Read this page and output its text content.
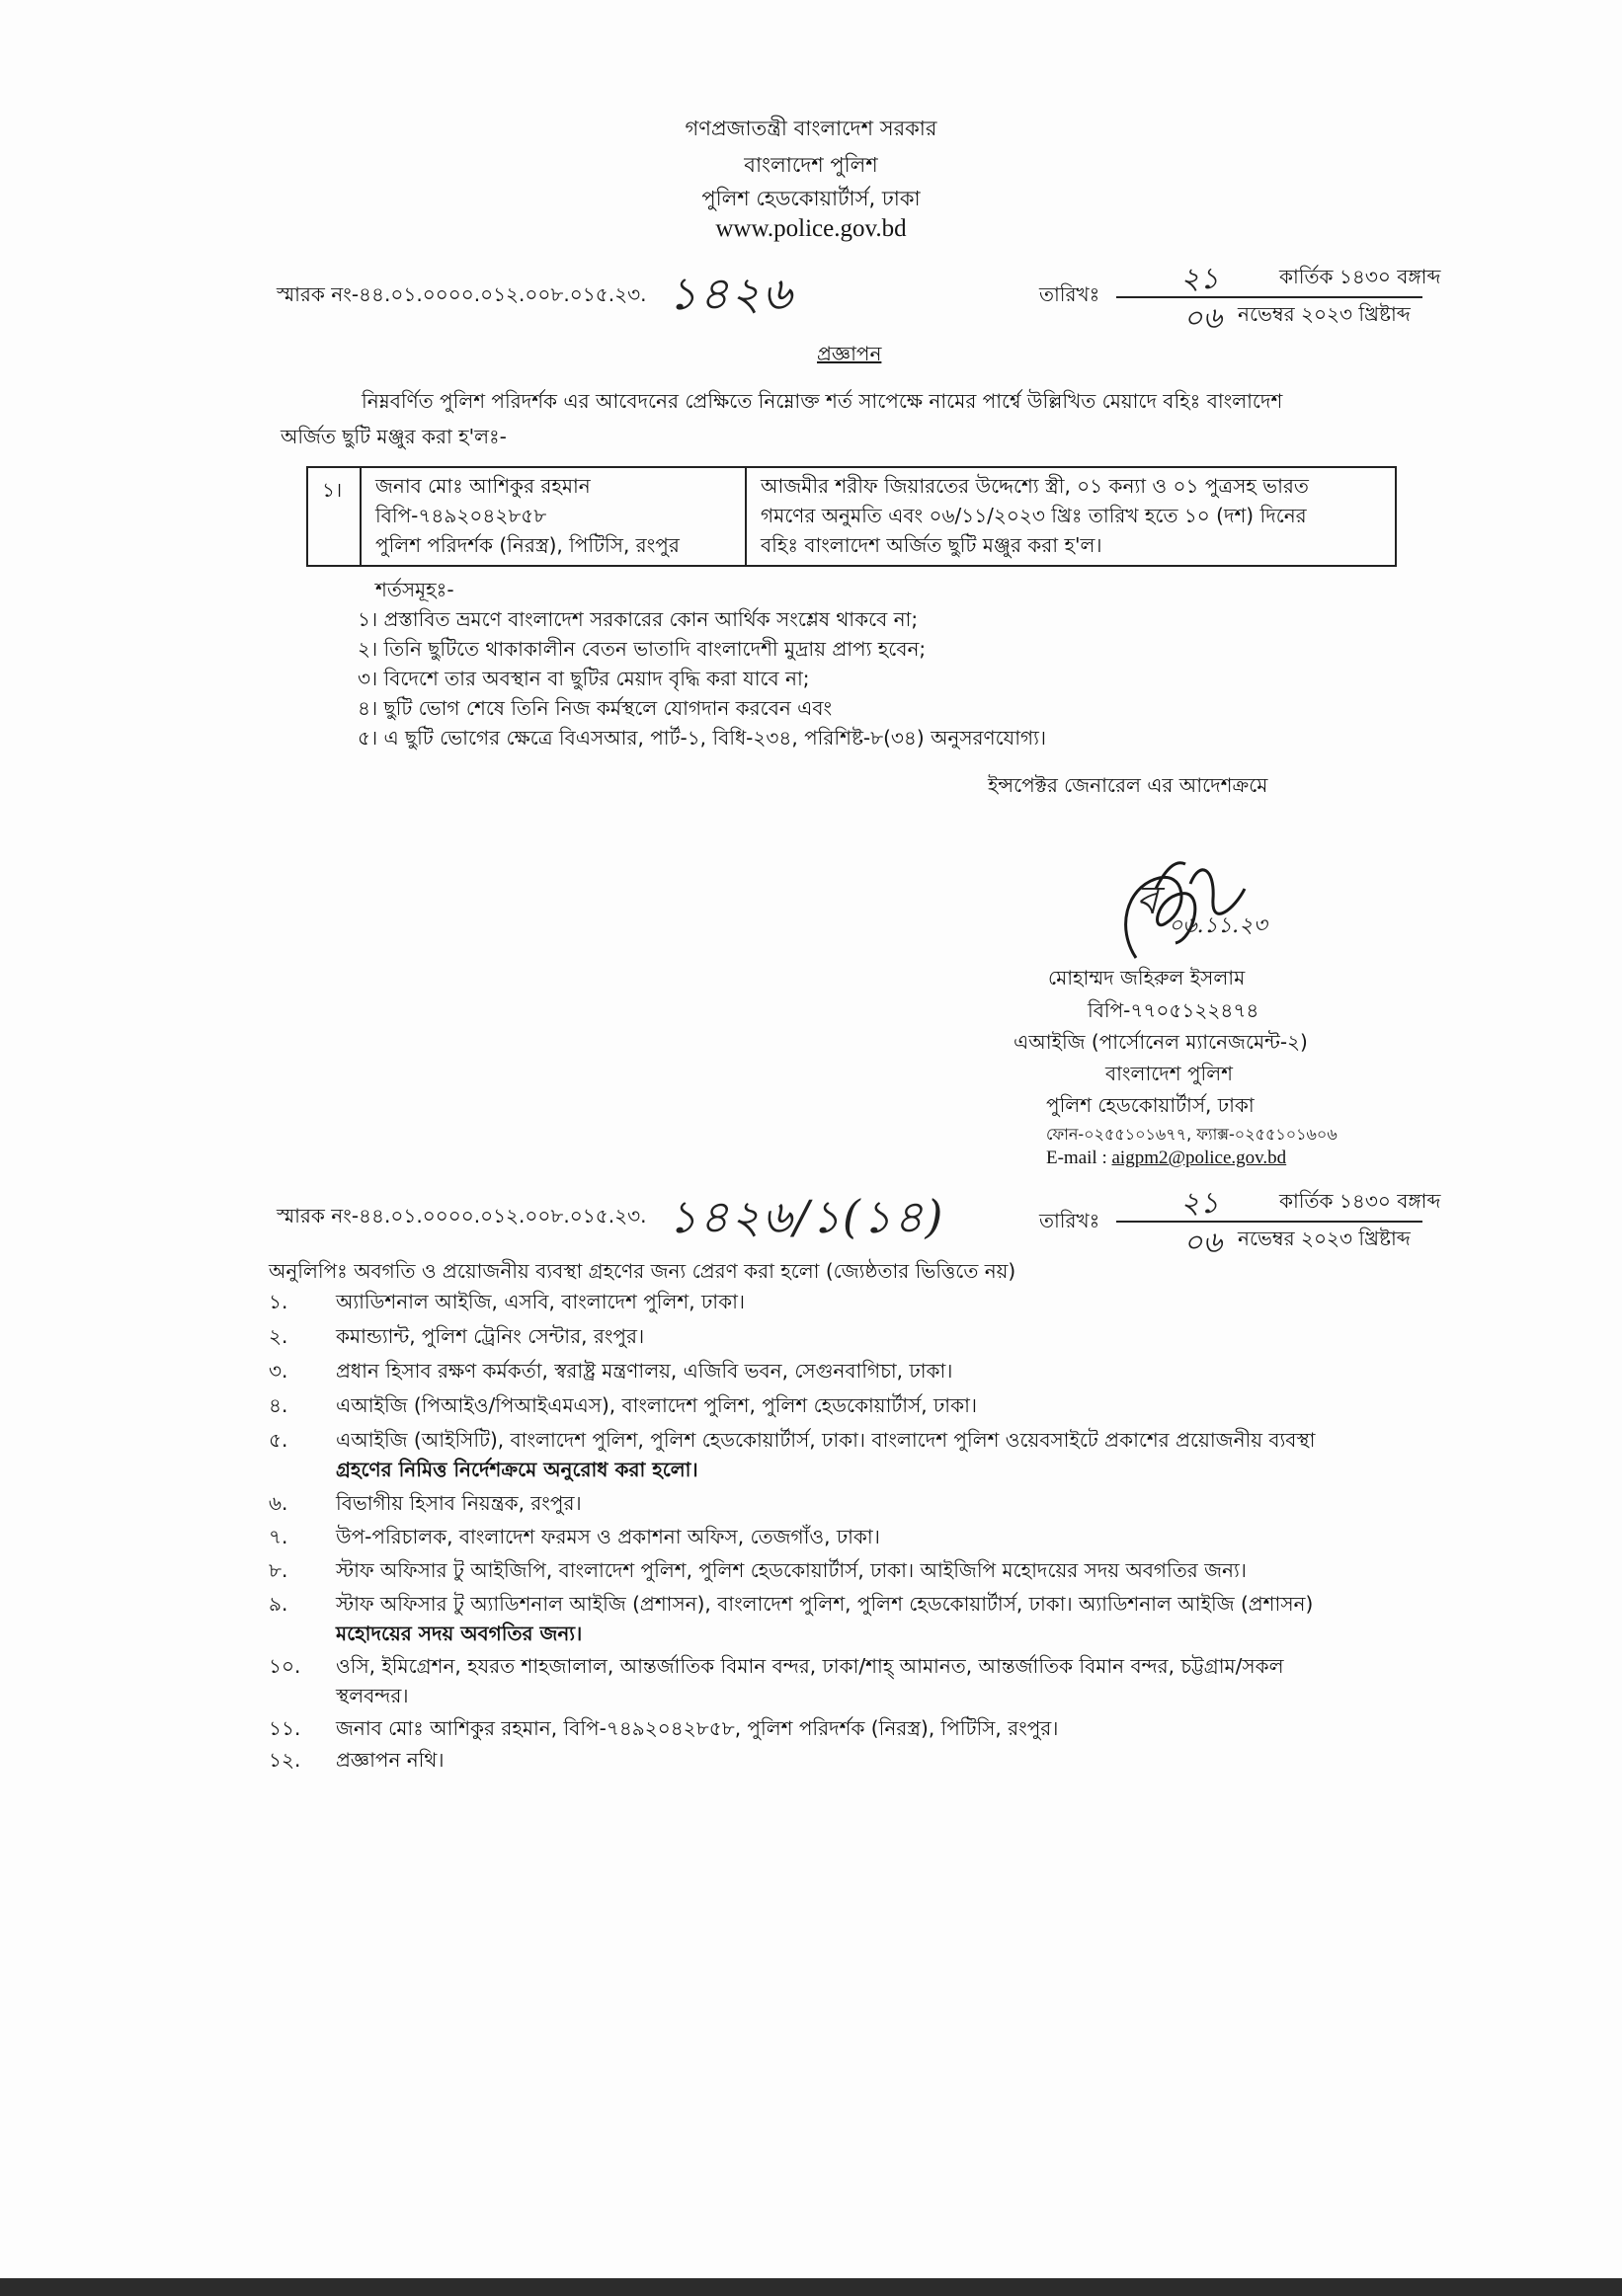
গণপ্রজাতন্ত্রী বাংলাদেশ সরকার
বাংলাদেশ পুলিশ
পুলিশ হেডকোয়ার্টার্স, ঢাকা
www.police.gov.bd
স্মারক নং-৪৪.০১.০০০০.০১২.০০৮.০১৫.২৩. ১৪২৬	তারিখঃ	২১	কার্তিক ১৪৩০ বঙ্গাব্দ
০৬ নভেম্বর ২০২৩ খ্রিষ্টাব্দ
প্রজ্ঞাপন
নিম্নবর্ণিত পুলিশ পরিদর্শক এর আবেদনের প্রেক্ষিতে নিম্নোক্ত শর্ত সাপেক্ষে নামের পার্শ্বে উল্লিখিত মেয়াদে বহিঃ বাংলাদেশ
অর্জিত ছুটি মঞ্জুর করা হ'লঃ-
১। জনাব মোঃ আশিকুর রহমান
বিপি-৭৪৯২০৪২৮৫৮
পুলিশ পরিদর্শক (নিরস্ত্র), পিটিসি, রংপুর
আজমীর শরীফ জিয়ারতের উদ্দেশ্যে স্ত্রী, ০১ কন্যা ও ০১ পুত্রসহ ভারত
গমণের অনুমতি এবং ০৬/১১/২০২৩ খ্রিঃ তারিখ হতে ১০ (দশ) দিনের
বহিঃ বাংলাদেশ অর্জিত ছুটি মঞ্জুর করা হ'ল।
শর্তসমূহঃ-
১। প্রস্তাবিত ভ্রমণে বাংলাদেশ সরকারের কোন আর্থিক সংশ্লেষ থাকবে না;
২। তিনি ছুটিতে থাকাকালীন বেতন ভাতাদি বাংলাদেশী মুদ্রায় প্রাপ্য হবেন;
৩। বিদেশে তার অবস্থান বা ছুটির মেয়াদ বৃদ্ধি করা যাবে না;
৪। ছুটি ভোগ শেষে তিনি নিজ কর্মস্থলে যোগদান করবেন এবং
৫। এ ছুটি ভোগের ক্ষেত্রে বিএসআর, পার্ট-১, বিধি-২৩৪, পরিশিষ্ট-৮(৩৪) অনুসরণযোগ্য।
ইন্সপেক্টর জেনারেল এর আদেশক্রমে
ব
০৬.১১.২৩
মোহাম্মদ জহিরুল ইসলাম
বিপি-৭৭০৫১২২৪৭৪
এআইজি (পার্সোনেল ম্যানেজমেন্ট-২)
বাংলাদেশ পুলিশ
পুলিশ হেডকোয়ার্টার্স, ঢাকা
ফোন-০২৫৫১০১৬৭৭, ফ্যাক্স-০২৫৫১০১৬০৬
E-mail : aigpm2@police.gov.bd
স্মারক নং-৪৪.০১.০০০০.০১২.০০৮.০১৫.২৩. ১৪২৬/১(১৪)	তারিখঃ	২১	কার্তিক ১৪৩০ বঙ্গাব্দ
০৬ নভেম্বর ২০২৩ খ্রিষ্টাব্দ
অনুলিপিঃ অবগতি ও প্রয়োজনীয় ব্যবস্থা গ্রহণের জন্য প্রেরণ করা হলো (জ্যেষ্ঠতার ভিত্তিতে নয়)
১. অ্যাডিশনাল আইজি, এসবি, বাংলাদেশ পুলিশ, ঢাকা।
২. কমান্ড্যান্ট, পুলিশ ট্রেনিং সেন্টার, রংপুর।
৩. প্রধান হিসাব রক্ষণ কর্মকর্তা, স্বরাষ্ট্র মন্ত্রণালয়, এজিবি ভবন, সেগুনবাগিচা, ঢাকা।
৪. এআইজি (পিআইও/পিআইএমএস), বাংলাদেশ পুলিশ, পুলিশ হেডকোয়ার্টার্স, ঢাকা।
৫. এআইজি (আইসিটি), বাংলাদেশ পুলিশ, পুলিশ হেডকোয়ার্টার্স, ঢাকা। বাংলাদেশ পুলিশ ওয়েবসাইটে প্রকাশের প্রয়োজনীয় ব্যবস্থা
গ্রহণের নিমিত্ত নির্দেশক্রমে অনুরোধ করা হলো।
৬. বিভাগীয় হিসাব নিয়ন্ত্রক, রংপুর।
৭. উপ-পরিচালক, বাংলাদেশ ফরমস ও প্রকাশনা অফিস, তেজগাঁও, ঢাকা।
৮. স্টাফ অফিসার টু আইজিপি, বাংলাদেশ পুলিশ, পুলিশ হেডকোয়ার্টার্স, ঢাকা। আইজিপি মহোদয়ের সদয় অবগতির জন্য।
৯. স্টাফ অফিসার টু অ্যাডিশনাল আইজি (প্রশাসন), বাংলাদেশ পুলিশ, পুলিশ হেডকোয়ার্টার্স, ঢাকা। অ্যাডিশনাল আইজি (প্রশাসন)
মহোদয়ের সদয় অবগতির জন্য।
১০. ওসি, ইমিগ্রেশন, হযরত শাহজালাল, আন্তর্জাতিক বিমান বন্দর, ঢাকা/শাহ্ আমানত, আন্তর্জাতিক বিমান বন্দর, চট্টগ্রাম/সকল
স্থলবন্দর।
১১. জনাব মোঃ আশিকুর রহমান, বিপি-৭৪৯২০৪২৮৫৮, পুলিশ পরিদর্শক (নিরস্ত্র), পিটিসি, রংপুর।
১২. প্রজ্ঞাপন নথি।
